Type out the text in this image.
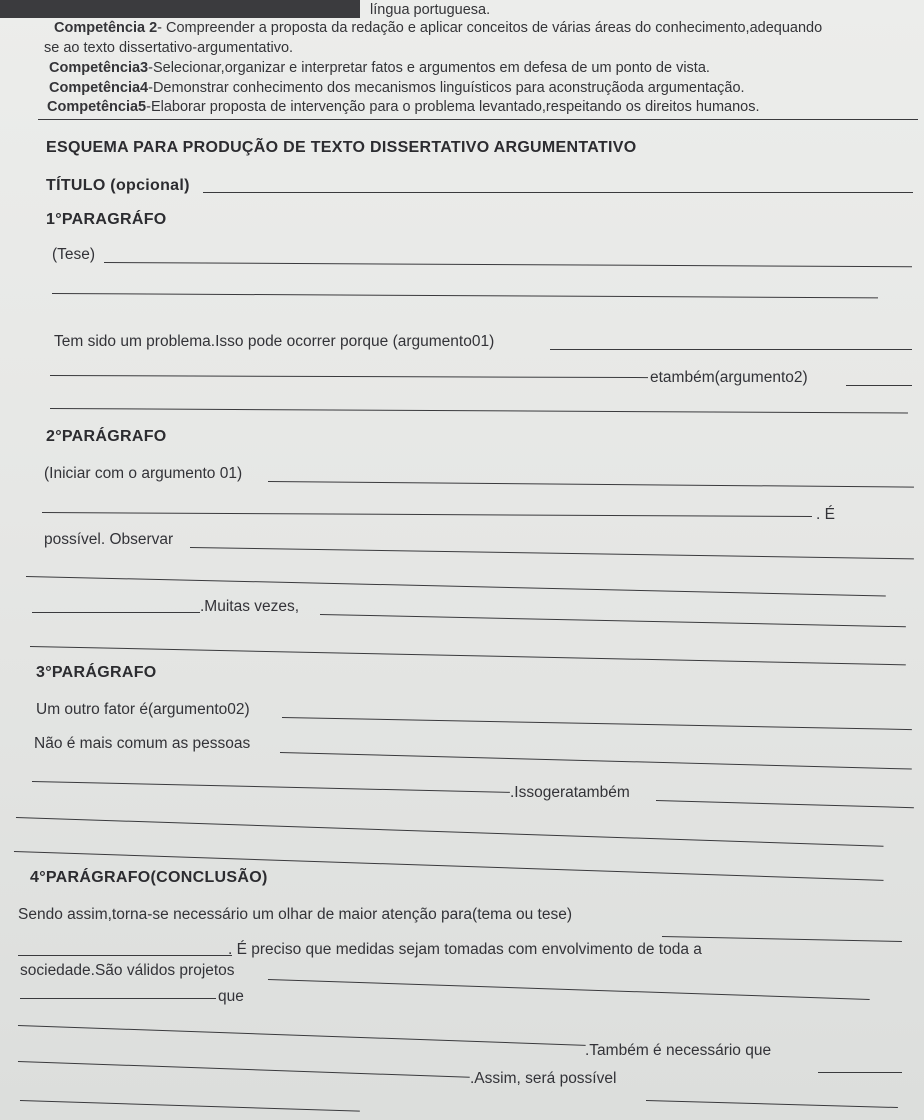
língua portuguesa.
Competência 2- Compreender a proposta da redação e aplicar conceitos de várias áreas do conhecimento,adequando
se ao texto dissertativo-argumentativo.
Competência3-Selecionar,organizar e interpretar fatos e argumentos em defesa de um ponto de vista.
Competência4-Demonstrar conhecimento dos mecanismos linguísticos para aconstruçãoda argumentação.
Competência5-Elaborar proposta de intervenção para o problema levantado,respeitando os direitos humanos.
ESQUEMA PARA PRODUÇÃO DE TEXTO DISSERTATIVO ARGUMENTATIVO
TÍTULO (opcional)
1°PARAGRÁFO
(Tese)
Tem sido um problema.Isso pode ocorrer porque (argumento01)
etambém(argumento2)
2°PARÁGRAFO
(Iniciar com o argumento 01)
. É
possível. Observar
.Muitas vezes,
3°PARÁGRAFO
Um outro fator é(argumento02)
Não é mais comum as pessoas
.Issogeratambém
4°PARÁGRAFO(CONCLUSÃO)
Sendo assim,torna-se necessário um olhar de maior atenção para(tema ou tese)
. É preciso que medidas sejam tomadas com envolvimento de toda a
sociedade.São válidos projetos
que
.Também é necessário que
.Assim, será possível
